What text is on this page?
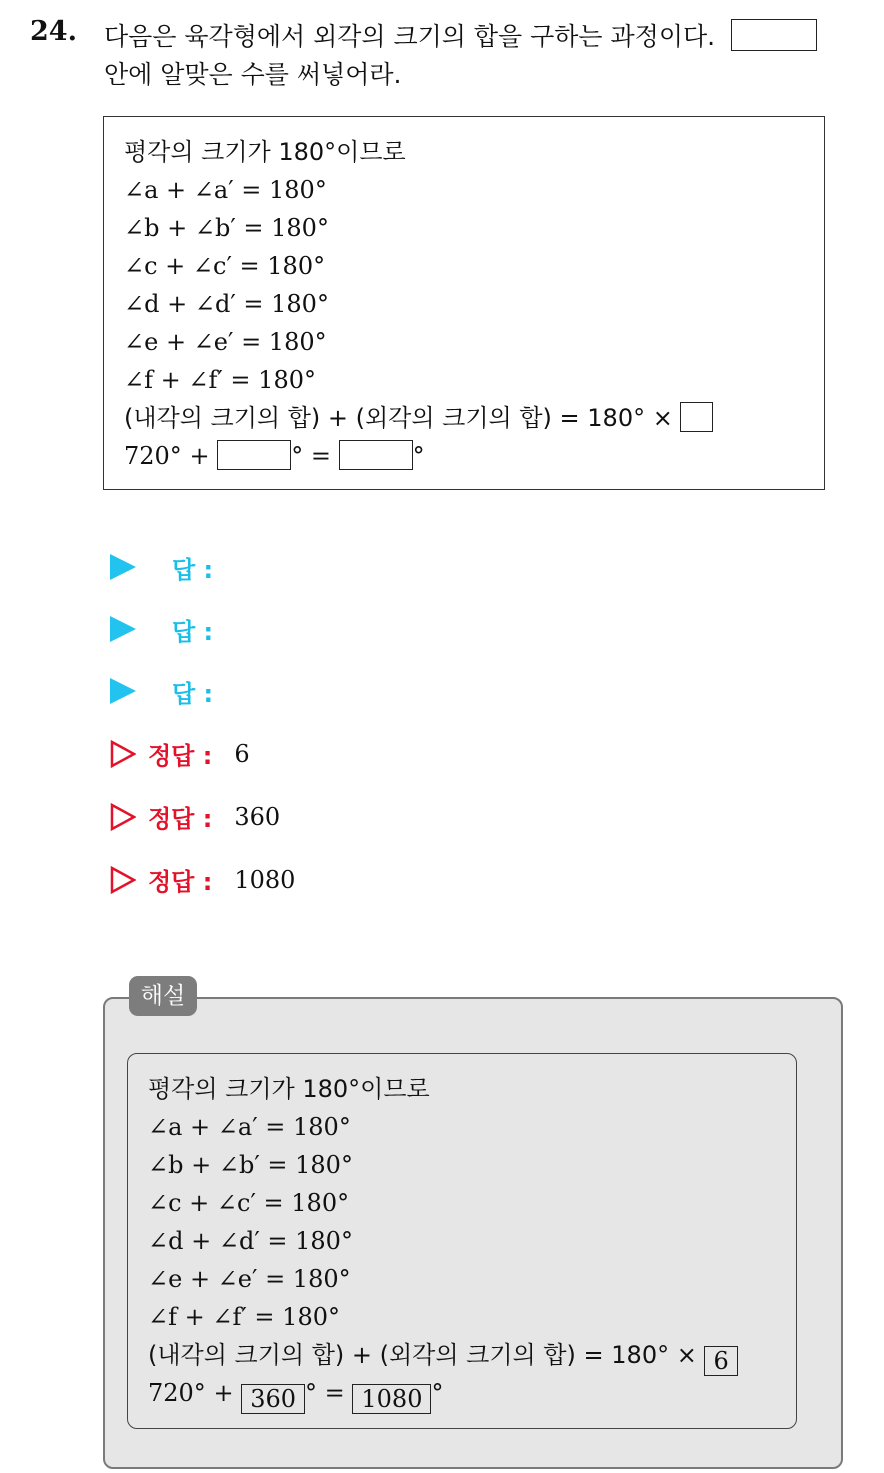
24. 다음은 육각형에서 외각의 크기의 합을 구하는 과정이다.
안에 알맞은 수를 써넣어라.
평각의 크기가 180°이므로
∠a + ∠a′ = 180°
∠b + ∠b′ = 180°
∠c + ∠c′ = 180°
∠d + ∠d′ = 180°
∠e + ∠e′ = 180°
∠f + ∠f′ = 180°
(내각의 크기의 합) + (외각의 크기의 합) = 180° ×
720° +	° =	°
답 :
답 :
답 :
정답 : 6
정답 : 360
정답 : 1080
평각의 크기가 180°이므로
∠a + ∠a′ = 180°
∠b + ∠b′ = 180°
∠c + ∠c′ = 180°
∠d + ∠d′ = 180°
∠e + ∠e′ = 180°
∠f + ∠f′ = 180°
(내각의 크기의 합) + (외각의 크기의 합) = 180° × 6
720° + 360 ° = 1080 °
해설
